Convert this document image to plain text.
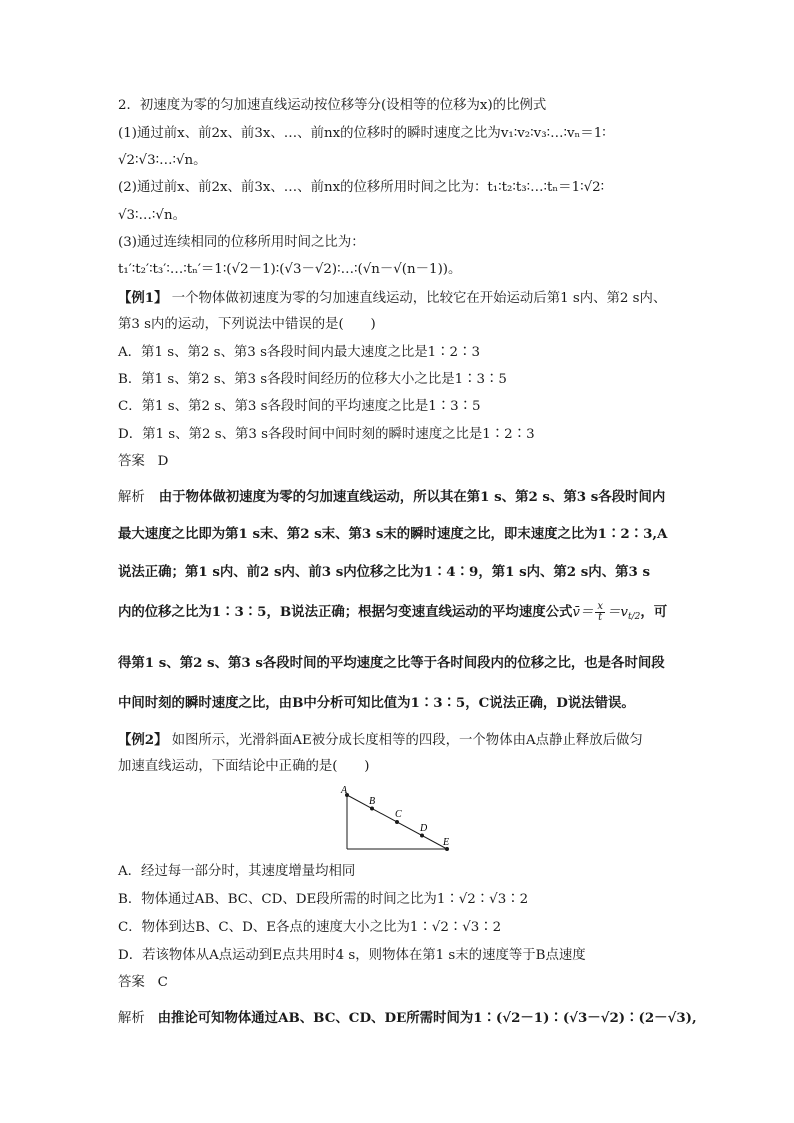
2．初速度为零的匀加速直线运动按位移等分(设相等的位移为x)的比例式
(1)通过前x、前2x、前3x、…、前nx的位移时的瞬时速度之比为v₁∶v₂∶v₃∶…∶vₙ＝1∶
√2∶√3∶…∶√n。
(2)通过前x、前2x、前3x、…、前nx的位移所用时间之比为：t₁∶t₂∶t₃∶…∶tₙ＝1∶√2∶
√3∶…∶√n。
(3)通过连续相同的位移所用时间之比为：
t₁′∶t₂′∶t₃′∶…∶tₙ′＝1∶(√2－1)∶(√3－√2)∶…∶(√n－√(n－1))。
【例1】 一个物体做初速度为零的匀加速直线运动，比较它在开始运动后第1 s内、第2 s内、
第3 s内的运动，下列说法中错误的是(　　)
A．第1 s、第2 s、第3 s各段时间内最大速度之比是1∶2∶3
B．第1 s、第2 s、第3 s各段时间经历的位移大小之比是1∶3∶5
C．第1 s、第2 s、第3 s各段时间的平均速度之比是1∶3∶5
D．第1 s、第2 s、第3 s各段时间中间时刻的瞬时速度之比是1∶2∶3
答案 D
解析 由于物体做初速度为零的匀加速直线运动，所以其在第1 s、第2 s、第3 s各段时间内
最大速度之比即为第1 s末、第2 s末、第3 s末的瞬时速度之比，即末速度之比为1∶2∶3,A
说法正确；第1 s内、前2 s内、前3 s内位移之比为1∶4∶9，第1 s内、第2 s内、第3 s
内的位移之比为1∶3∶5，B说法正确；根据匀变速直线运动的平均速度公式v̄＝ $\frac{x}{t} =v_{t/2}$，可
得第1 s、第2 s、第3 s各段时间的平均速度之比等于各时间段内的位移之比，也是各时间段
中间时刻的瞬时速度之比，由B中分析可知比值为1∶3∶5，C说法正确，D说法错误。
【例2】 如图所示，光滑斜面AE被分成长度相等的四段，一个物体由A点静止释放后做匀
加速直线运动，下面结论中正确的是(　　)
A
B
C
D
E
A．经过每一部分时，其速度增量均相同
B．物体通过AB、BC、CD、DE段所需的时间之比为1∶√2∶√3∶2
C．物体到达B、C、D、E各点的速度大小之比为1∶√2∶√3∶2
D．若该物体从A点运动到E点共用时4 s，则物体在第1 s末的速度等于B点速度
答案 C
解析 由推论可知物体通过AB、BC、CD、DE所需时间为1∶(√2－1)∶(√3－√2)∶(2－√3),
